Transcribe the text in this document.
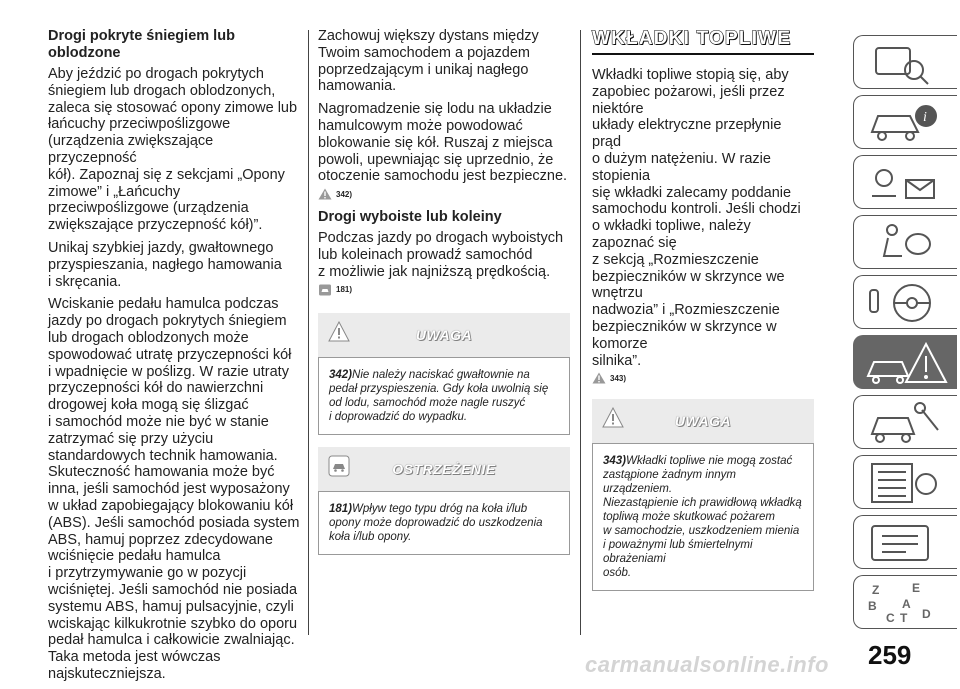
Drogi pokryte śniegiem lub
oblodzone

Aby jeździć po drogach pokrytych
śniegiem lub drogach oblodzonych,
zaleca się stosować opony zimowe lub
łańcuchy przeciwpoślizgowe
(urządzenia zwiększające przyczepność
kół). Zapoznaj się z sekcjami „Opony
zimowe” i „Łańcuchy
przeciwpoślizgowe (urządzenia
zwiększające przyczepność kół)”.

Unikaj szybkiej jazdy, gwałtownego
przyspieszania, nagłego hamowania
i skręcania.

Wciskanie pedału hamulca podczas
jazdy po drogach pokrytych śniegiem
lub drogach oblodzonych może
spowodować utratę przyczepności kół
i wpadnięcie w poślizg. W razie utraty
przyczepności kół do nawierzchni
drogowej koła mogą się ślizgać
i samochód może nie być w stanie
zatrzymać się przy użyciu
standardowych technik hamowania.
Skuteczność hamowania może być
inna, jeśli samochód jest wyposażony
w układ zapobiegający blokowaniu kół
(ABS). Jeśli samochód posiada system
ABS, hamuj poprzez zdecydowane
wciśnięcie pedału hamulca
i przytrzymywanie go w pozycji
wciśniętej. Jeśli samochód nie posiada
systemu ABS, hamuj pulsacyjnie, czyli
wciskając kilkukrotnie szybko do oporu
pedał hamulca i całkowicie zwalniając.
Taka metoda jest wówczas
najskuteczniejsza.

Zachowuj większy dystans między
Twoim samochodem a pojazdem
poprzedzającym i unikaj nagłego
hamowania.

Nagromadzenie się lodu na układzie
hamulcowym może powodować
blokowanie się kół. Ruszaj z miejsca
powoli, upewniając się uprzednio, że
otoczenie samochodu jest bezpieczne.

342)
Drogi wyboiste lub koleiny

Podczas jazdy po drogach wyboistych
lub koleinach prowadź samochód
z możliwie jak najniższą prędkością.

181)
UWAGA
342)Nie należy naciskać gwałtownie na
pedał przyspieszenia. Gdy koła uwolnią się
od lodu, samochód może nagle ruszyć
i doprowadzić do wypadku.
OSTRZEŻENIE
181)Wpływ tego typu dróg na koła i/lub
opony może doprowadzić do uszkodzenia
koła i/lub opony.
WKŁADKI TOPLIWE

Wkładki topliwe stopią się, aby
zapobiec pożarowi, jeśli przez niektóre
układy elektryczne przepłynie prąd
o dużym natężeniu. W razie stopienia
się wkładki zalecamy poddanie
samochodu kontroli. Jeśli chodzi
o wkładki topliwe, należy zapoznać się
z sekcją „Rozmieszczenie
bezpieczników w skrzynce we wnętrzu
nadwozia” i „Rozmieszczenie
bezpieczników w skrzynce w komorze
silnika”.

343)
UWAGA
343)Wkładki topliwe nie mogą zostać
zastąpione żadnym innym urządzeniem.
Niezastąpienie ich prawidłową wkładką
topliwą może skutkować pożarem
w samochodzie, uszkodzeniem mienia
i poważnymi lub śmiertelnymi obrażeniami
osób.
i
Z	E
B
C T
A
D
259
carmanualsonline.info
